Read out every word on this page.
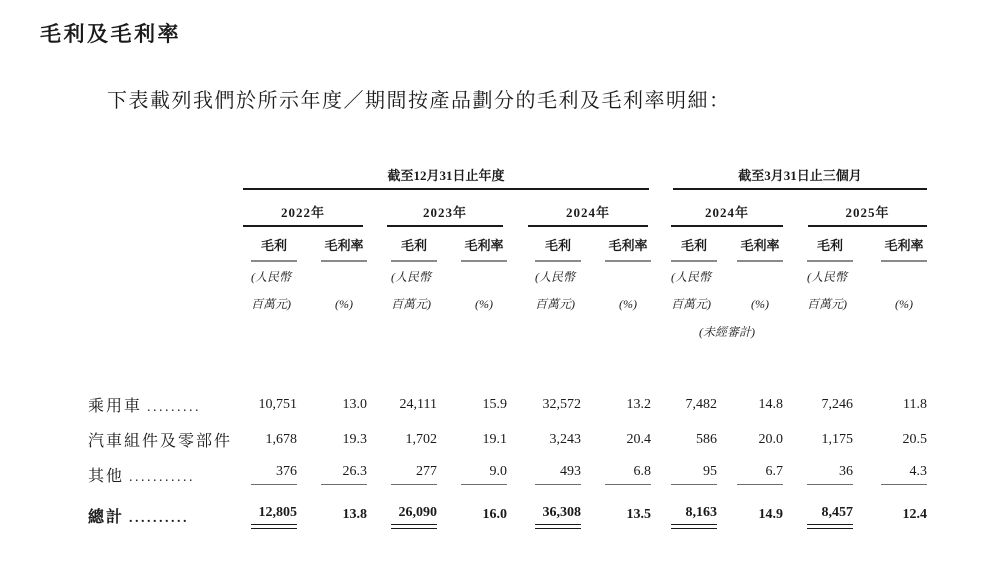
毛利及毛利率

下表載列我們於所示年度／期間按產品劃分的毛利及毛利率明細：

截至12月31日止年度	截至3月31日止三個月
2022年	2023年	2024年	2024年	2025年
毛利	毛利率	毛利	毛利率	毛利	毛利率	毛利	毛利率	毛利	毛利率
(人民幣
百萬元)	(%)
(人民幣
百萬元)	(%)
(人民幣
百萬元)	(%)
(人民幣
百萬元)	(%)
(人民幣
百萬元)	(%)
(未經審計)
乘用車 .........	10,751	13.0	24,111	15.9	32,572	13.2	7,482	14.8	7,246	11.8
汽車組件及零部件	1,678	19.3	1,702	19.1	3,243	20.4	586	20.0	1,175	20.5
其他 ...........	376	26.3	277	9.0	493	6.8	95	6.7	36	4.3
總計 ..........	12,805	13.8	26,090	16.0	36,308	13.5	8,163	14.9	8,457	12.4
